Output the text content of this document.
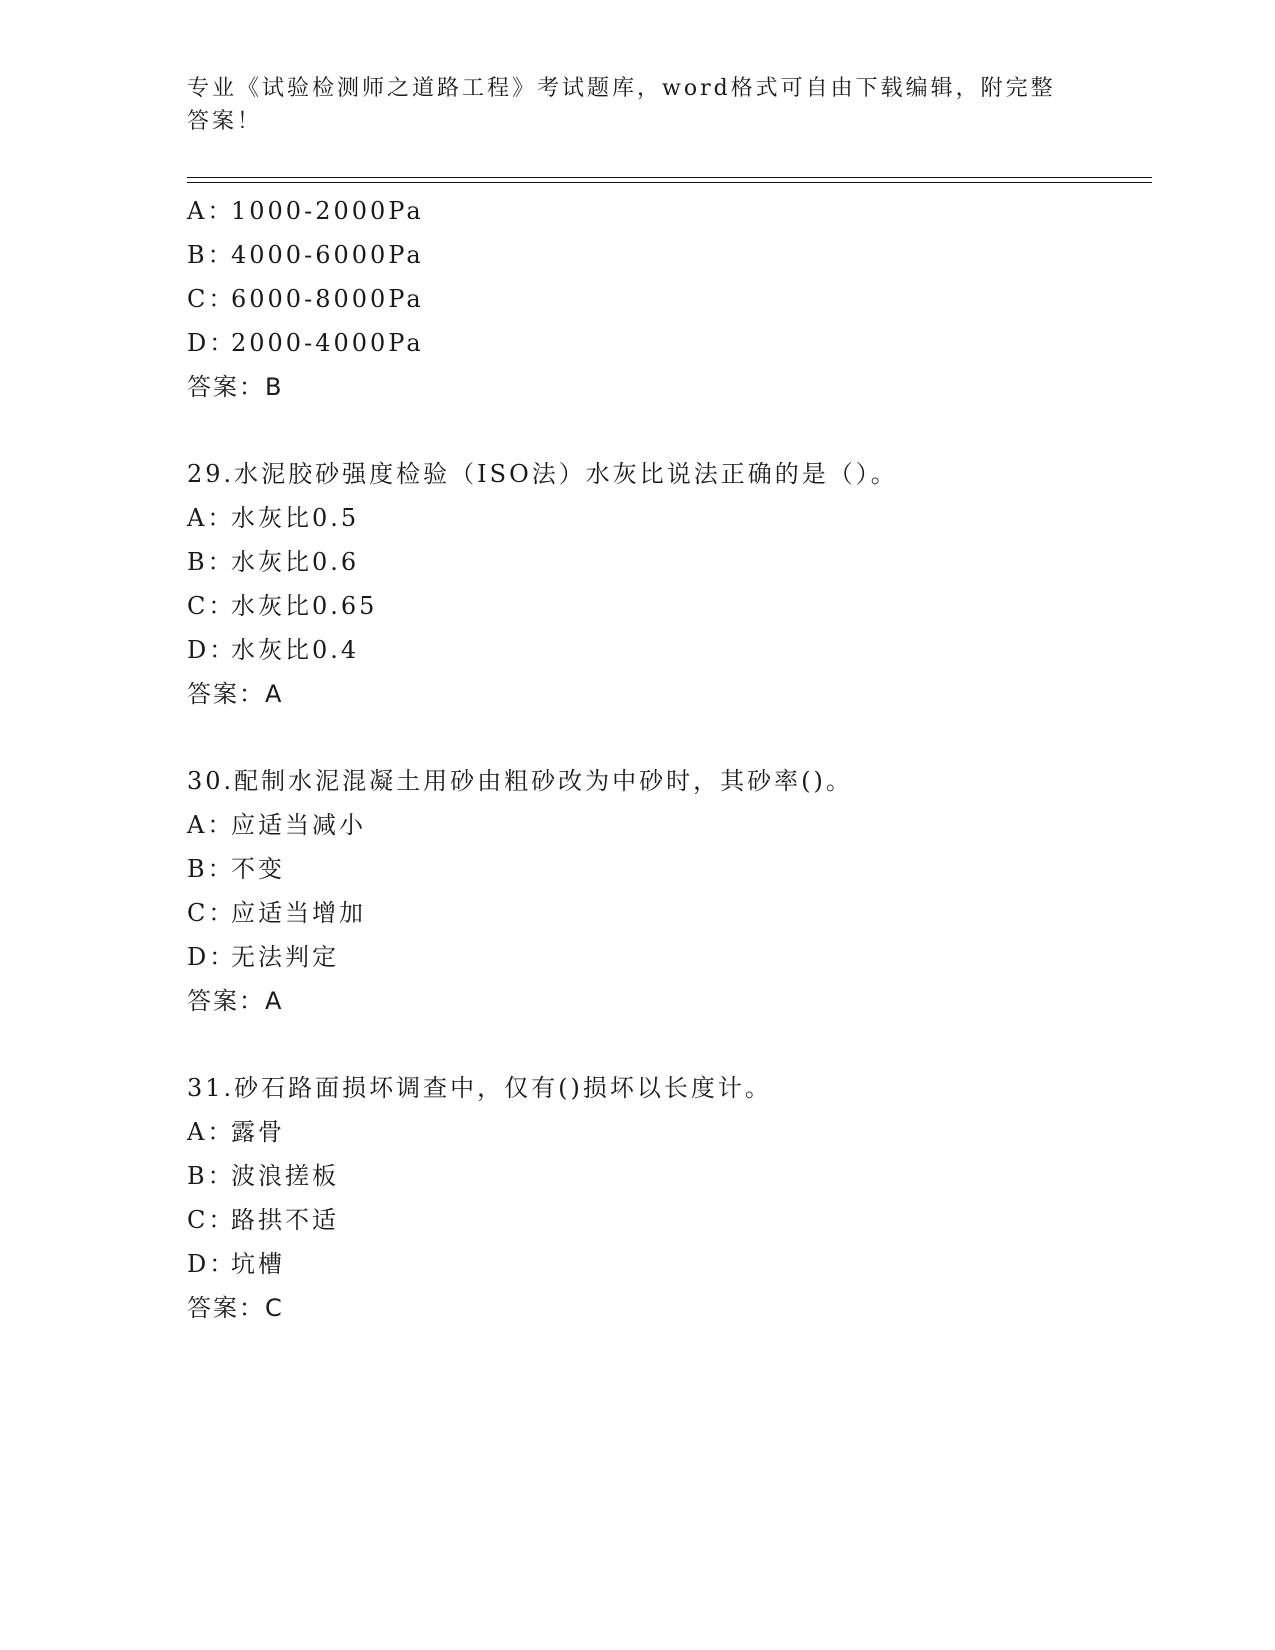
专业《试验检测师之道路工程》考试题库，word格式可自由下载编辑，附完整答案！
A：1000-2000Pa
B：4000-6000Pa
C：6000-8000Pa
D：2000-4000Pa
答案：B
29.水泥胶砂强度检验（ISO法）水灰比说法正确的是（）。
A：水灰比0.5
B：水灰比0.6
C：水灰比0.65
D：水灰比0.4
答案：A
30.配制水泥混凝土用砂由粗砂改为中砂时，其砂率()。
A：应适当减小
B：不变
C：应适当增加
D：无法判定
答案：A
31.砂石路面损坏调查中，仅有()损坏以长度计。
A：露骨
B：波浪搓板
C：路拱不适
D：坑槽
答案：C
